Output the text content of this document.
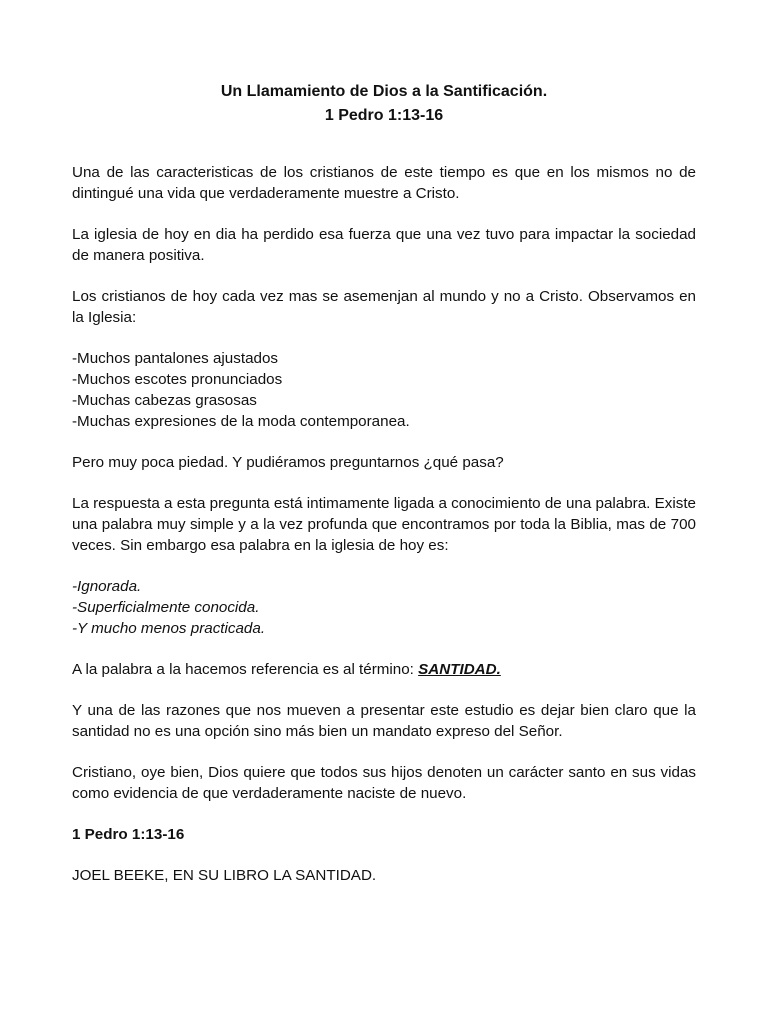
Un Llamamiento de Dios a la Santificación.
1 Pedro 1:13-16

Una de las caracteristicas de los cristianos de este tiempo es que en los mismos no de dintingué una vida que verdaderamente muestre a Cristo.

La iglesia de hoy en dia ha perdido esa fuerza que una vez tuvo para impactar la sociedad de manera positiva.

Los cristianos de hoy cada vez mas se asemenjan al mundo y no a Cristo. Observamos en la Iglesia:

-Muchos pantalones ajustados
-Muchos escotes pronunciados
-Muchas cabezas grasosas
-Muchas expresiones de la moda contemporanea.

Pero muy poca piedad. Y pudiéramos preguntarnos ¿qué pasa?

La respuesta a esta pregunta está intimamente ligada a conocimiento de una palabra. Existe una palabra muy simple y a la vez profunda que encontramos por toda la Biblia, mas de 700 veces. Sin embargo esa palabra en la iglesia de hoy es:

-Ignorada.
-Superficialmente conocida.
-Y mucho menos practicada.

A la palabra a la hacemos referencia es al término: SANTIDAD.

Y una de las razones que nos mueven a presentar este estudio es dejar bien claro que la santidad no es una opción sino más bien un mandato expreso del Señor.

Cristiano, oye bien, Dios quiere que todos sus hijos denoten un carácter santo en sus vidas como evidencia de que verdaderamente naciste de nuevo.

1 Pedro 1:13-16

JOEL BEEKE, EN SU LIBRO LA SANTIDAD.
